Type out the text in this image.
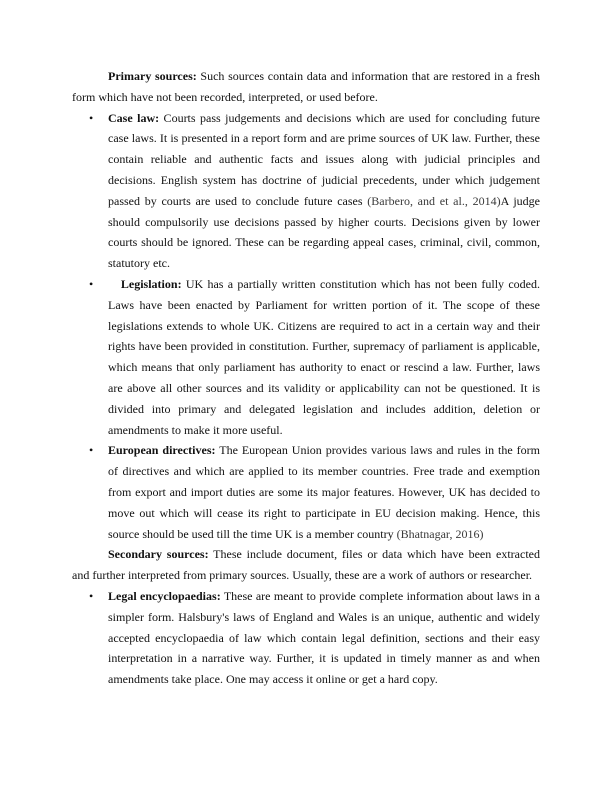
Primary sources: Such sources contain data and information that are restored in a fresh form which have not been recorded, interpreted, or used before.

• Case law: Courts pass judgements and decisions which are used for concluding future case laws. It is presented in a report form and are prime sources of UK law. Further, these contain reliable and authentic facts and issues along with judicial principles and decisions. English system has doctrine of judicial precedents, under which judgement passed by courts are used to conclude future cases (Barbero, and et al., 2014)A judge should compulsorily use decisions passed by higher courts. Decisions given by lower courts should be ignored. These can be regarding appeal cases, criminal, civil, common, statutory etc.
• Legislation: UK has a partially written constitution which has not been fully coded. Laws have been enacted by Parliament for written portion of it. The scope of these legislations extends to whole UK. Citizens are required to act in a certain way and their rights have been provided in constitution. Further, supremacy of parliament is applicable, which means that only parliament has authority to enact or rescind a law. Further, laws are above all other sources and its validity or applicability can not be questioned. It is divided into primary and delegated legislation and includes addition, deletion or amendments to make it more useful.
• European directives: The European Union provides various laws and rules in the form of directives and which are applied to its member countries. Free trade and exemption from export and import duties are some its major features. However, UK has decided to move out which will cease its right to participate in EU decision making. Hence, this source should be used till the time UK is a member country (Bhatnagar, 2016)

Secondary sources: These include document, files or data which have been extracted and further interpreted from primary sources. Usually, these are a work of authors or researcher.

• Legal encyclopaedias: These are meant to provide complete information about laws in a simpler form. Halsbury's laws of England and Wales is an unique, authentic and widely accepted encyclopaedia of law which contain legal definition, sections and their easy interpretation in a narrative way. Further, it is updated in timely manner as and when amendments take place. One may access it online or get a hard copy.
